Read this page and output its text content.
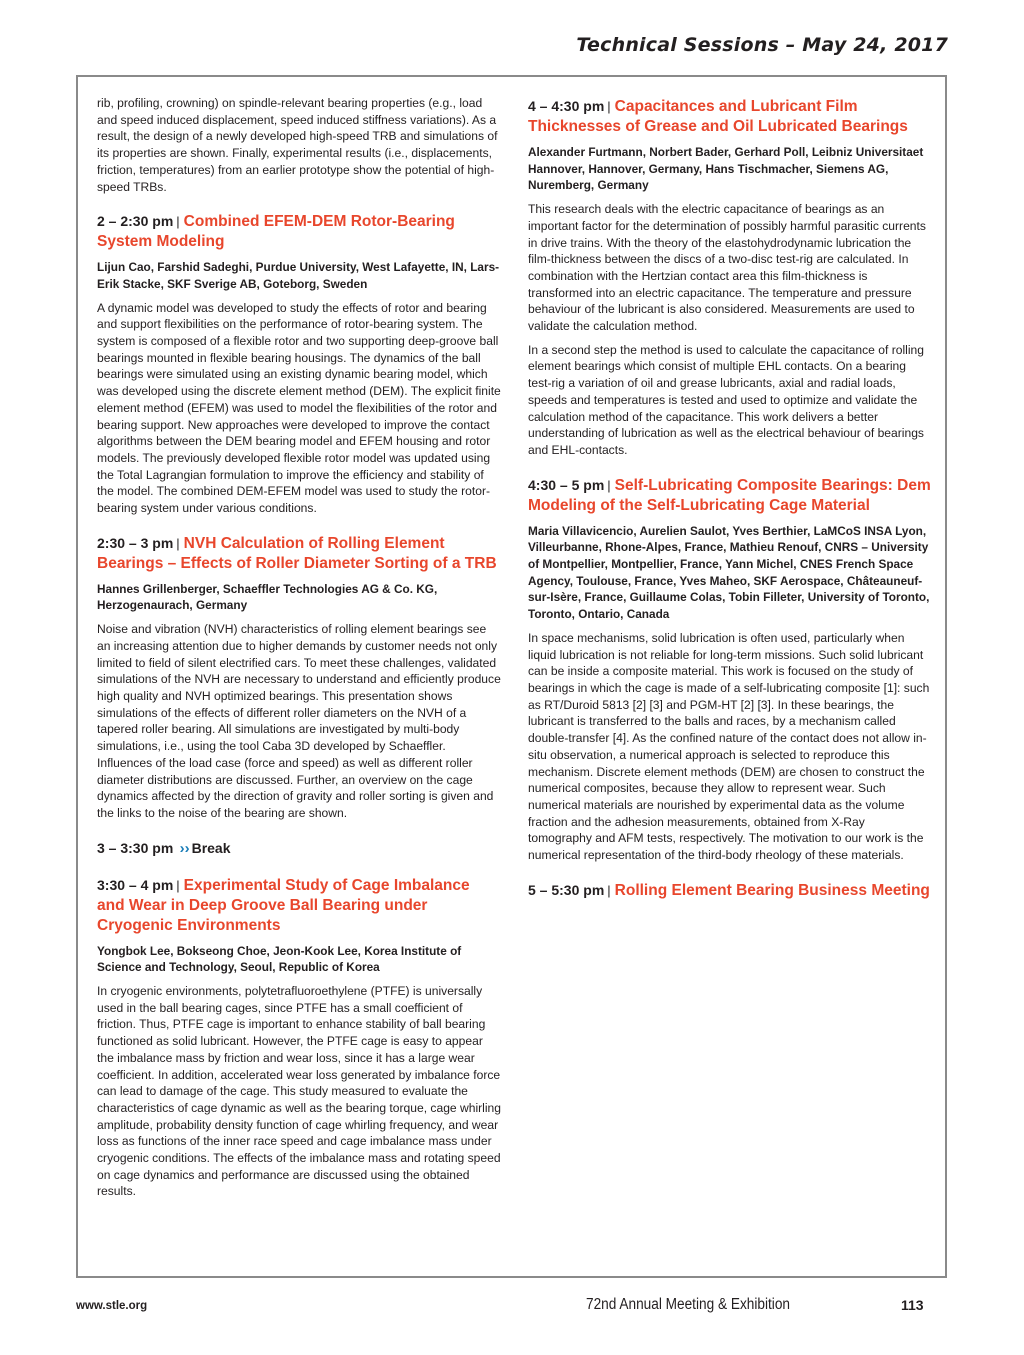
Technical Sessions – May 24, 2017

rib, profiling, crowning) on spindle-relevant bearing properties (e.g., load and speed induced displacement, speed induced stiffness variations). As a result, the design of a newly developed high-speed TRB and simulations of its properties are shown. Finally, experimental results (i.e., displacements, friction, temperatures) from an earlier prototype show the potential of high-speed TRBs.

2 – 2:30 pm | Combined EFEM-DEM Rotor-Bearing System Modeling

Lijun Cao, Farshid Sadeghi, Purdue University, West Lafayette, IN, Lars-Erik Stacke, SKF Sverige AB, Goteborg, Sweden

A dynamic model was developed to study the effects of rotor and bearing and support flexibilities on the performance of rotor-bearing system. The system is composed of a flexible rotor and two supporting deep-groove ball bearings mounted in flexible bearing housings. The dynamics of the ball bearings were simulated using an existing dynamic bearing model, which was developed using the discrete element method (DEM). The explicit finite element method (EFEM) was used to model the flexibilities of the rotor and bearing support. New approaches were developed to improve the contact algorithms between the DEM bearing model and EFEM housing and rotor models. The previously developed flexible rotor model was updated using the Total Lagrangian formulation to improve the efficiency and stability of the model. The combined DEM-EFEM model was used to study the rotor-bearing system under various conditions.

2:30 – 3 pm | NVH Calculation of Rolling Element Bearings – Effects of Roller Diameter Sorting of a TRB

Hannes Grillenberger, Schaeffler Technologies AG & Co. KG, Herzogenaurach, Germany

Noise and vibration (NVH) characteristics of rolling element bearings see an increasing attention due to higher demands by customer needs not only limited to field of silent electrified cars. To meet these challenges, validated simulations of the NVH are necessary to understand and efficiently produce high quality and NVH optimized bearings. This presentation shows simulations of the effects of different roller diameters on the NVH of a tapered roller bearing. All simulations are investigated by multi-body simulations, i.e., using the tool Caba 3D developed by Schaeffler. Influences of the load case (force and speed) as well as different roller diameter distributions are discussed. Further, an overview on the cage dynamics affected by the direction of gravity and roller sorting is given and the links to the noise of the bearing are shown.

3 – 3:30 pm ›› Break
3:30 – 4 pm | Experimental Study of Cage Imbalance and Wear in Deep Groove Ball Bearing under Cryogenic Environments

Yongbok Lee, Bokseong Choe, Jeon-Kook Lee, Korea Institute of Science and Technology, Seoul, Republic of Korea

In cryogenic environments, polytetrafluoroethylene (PTFE) is universally used in the ball bearing cages, since PTFE has a small coefficient of friction. Thus, PTFE cage is important to enhance stability of ball bearing functioned as solid lubricant. However, the PTFE cage is easy to appear the imbalance mass by friction and wear loss, since it has a large wear coefficient. In addition, accelerated wear loss generated by imbalance force can lead to damage of the cage. This study measured to evaluate the characteristics of cage dynamic as well as the bearing torque, cage whirling amplitude, probability density function of cage whirling frequency, and wear loss as functions of the inner race speed and cage imbalance mass under cryogenic conditions. The effects of the imbalance mass and rotating speed on cage dynamics and performance are discussed using the obtained results.

4 – 4:30 pm | Capacitances and Lubricant Film Thicknesses of Grease and Oil Lubricated Bearings

Alexander Furtmann, Norbert Bader, Gerhard Poll, Leibniz Universitaet Hannover, Hannover, Germany, Hans Tischmacher, Siemens AG, Nuremberg, Germany

This research deals with the electric capacitance of bearings as an important factor for the determination of possibly harmful parasitic currents in drive trains. With the theory of the elastohydrodynamic lubrication the film-thickness between the discs of a two-disc test-rig are calculated. In combination with the Hertzian contact area this film-thickness is transformed into an electric capacitance. The temperature and pressure behaviour of the lubricant is also considered. Measurements are used to validate the calculation method.

In a second step the method is used to calculate the capacitance of rolling element bearings which consist of multiple EHL contacts. On a bearing test-rig a variation of oil and grease lubricants, axial and radial loads, speeds and temperatures is tested and used to optimize and validate the calculation method of the capacitance. This work delivers a better understanding of lubrication as well as the electrical behaviour of bearings and EHL-contacts.

4:30 – 5 pm | Self-Lubricating Composite Bearings: Dem Modeling of the Self-Lubricating Cage Material

Maria Villavicencio, Aurelien Saulot, Yves Berthier, LaMCoS INSA Lyon, Villeurbanne, Rhone-Alpes, France, Mathieu Renouf, CNRS – University of Montpellier, Montpellier, France, Yann Michel, CNES French Space Agency, Toulouse, France, Yves Maheo, SKF Aerospace, Châteauneuf-sur-Isère, France, Guillaume Colas, Tobin Filleter, University of Toronto, Toronto, Ontario, Canada

In space mechanisms, solid lubrication is often used, particularly when liquid lubrication is not reliable for long-term missions. Such solid lubricant can be inside a composite material. This work is focused on the study of bearings in which the cage is made of a self-lubricating composite [1]: such as RT/Duroid 5813 [2] [3] and PGM-HT [2] [3]. In these bearings, the lubricant is transferred to the balls and races, by a mechanism called double-transfer [4]. As the confined nature of the contact does not allow in-situ observation, a numerical approach is selected to reproduce this mechanism. Discrete element methods (DEM) are chosen to construct the numerical composites, because they allow to represent wear. Such numerical materials are nourished by experimental data as the volume fraction and the adhesion measurements, obtained from X-Ray tomography and AFM tests, respectively. The motivation to our work is the numerical representation of the third-body rheology of these materials.

5 – 5:30 pm | Rolling Element Bearing Business Meeting
www.stle.org	72nd Annual Meeting & Exhibition	113
